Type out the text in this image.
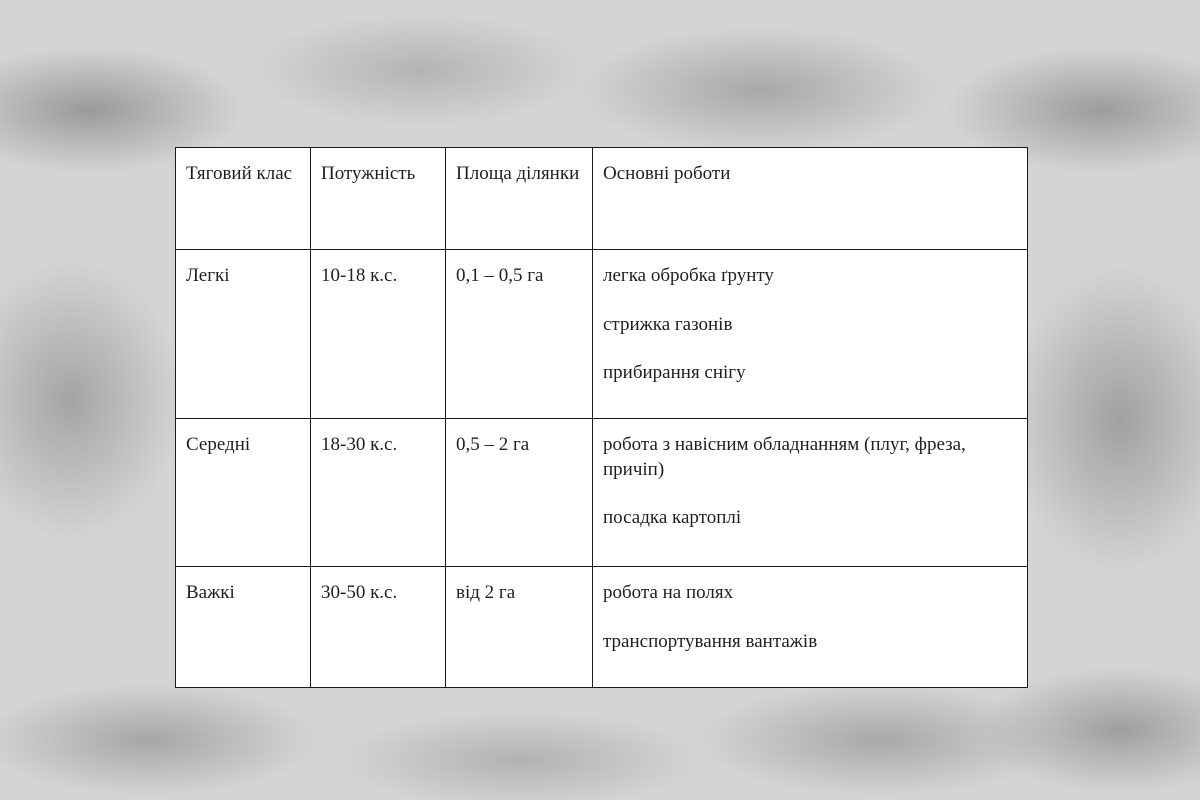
Тяговий клас	Потужність	Площа ділянки	Основні роботи

Легкі	10-18 к.с.	0,1 – 0,5 га	легка обробка ґрунту
стрижка газонів
прибирання снігу

Середні	18-30 к.с.	0,5 – 2 га	робота з навісним обладнанням (плуг, фреза, причіп)
посадка картоплі

Важкі	30-50 к.с.	від 2 га	робота на полях
транспортування вантажів
